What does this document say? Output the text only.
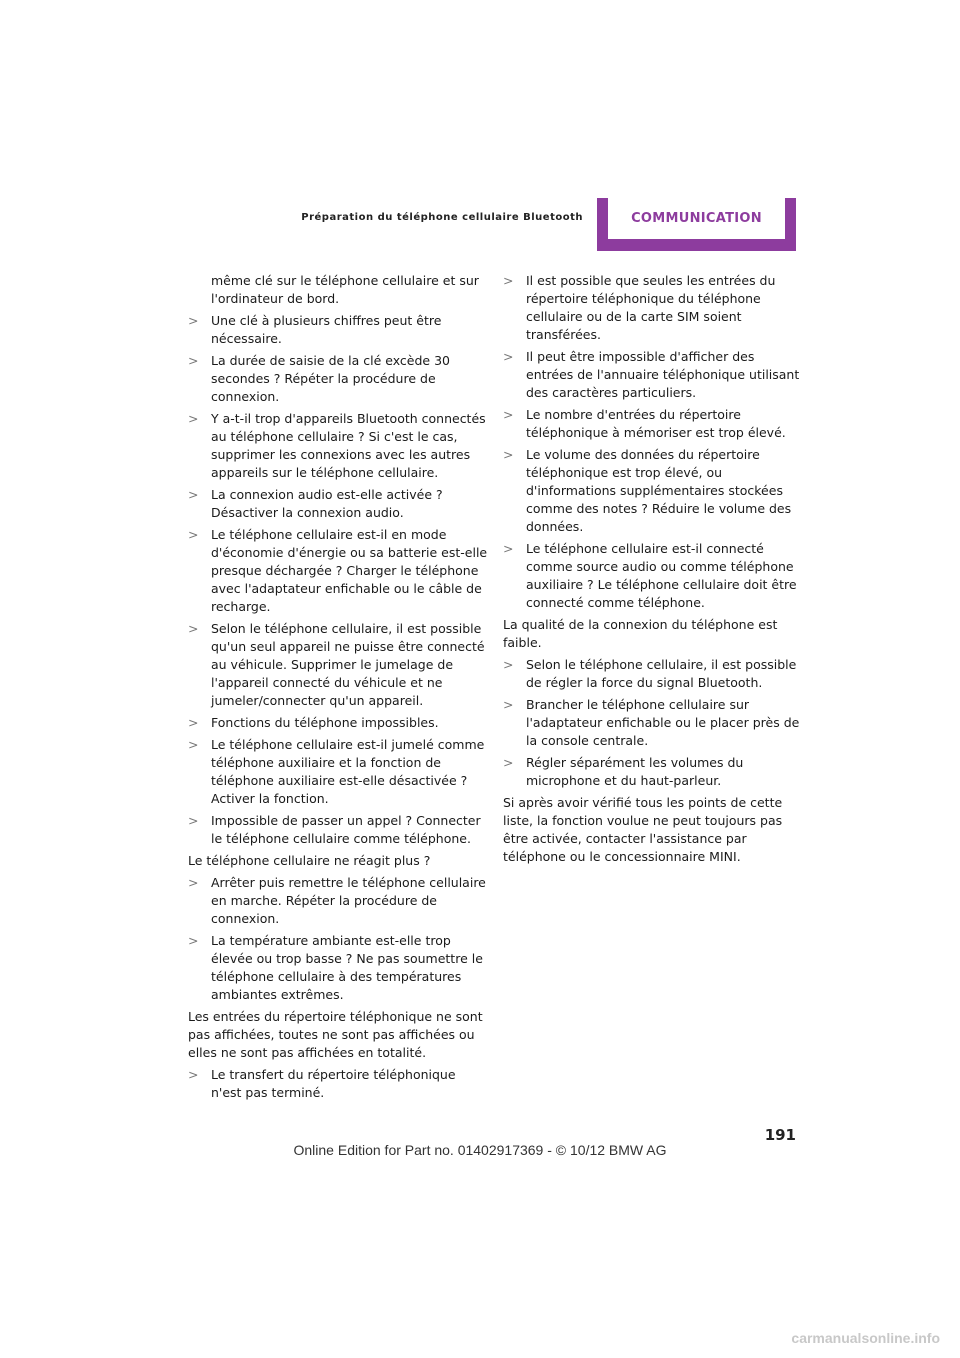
Préparation du téléphone cellulaire Bluetooth	COMMUNICATION

même clé sur le téléphone cellulaire et sur l'ordinateur de bord.

> Une clé à plusieurs chiffres peut être nécessaire.
> La durée de saisie de la clé excède 30 secondes ? Répéter la procédure de connexion.
> Y a-t-il trop d'appareils Bluetooth connectés au téléphone cellulaire ? Si c'est le cas, supprimer les connexions avec les autres appareils sur le téléphone cellulaire.
> La connexion audio est-elle activée ? Désactiver la connexion audio.
> Le téléphone cellulaire est-il en mode d'économie d'énergie ou sa batterie est-elle presque déchargée ? Charger le téléphone avec l'adaptateur enfichable ou le câble de recharge.
> Selon le téléphone cellulaire, il est possible qu'un seul appareil ne puisse être connecté au véhicule. Supprimer le jumelage de l'appareil connecté du véhicule et ne jumeler/connecter qu'un appareil.
> Fonctions du téléphone impossibles.
> Le téléphone cellulaire est-il jumelé comme téléphone auxiliaire et la fonction de téléphone auxiliaire est-elle désactivée ? Activer la fonction.
> Impossible de passer un appel ? Connecter le téléphone cellulaire comme téléphone.

Le téléphone cellulaire ne réagit plus ?

> Arrêter puis remettre le téléphone cellulaire en marche. Répéter la procédure de connexion.
> La température ambiante est-elle trop élevée ou trop basse ? Ne pas soumettre le téléphone cellulaire à des températures ambiantes extrêmes.

Les entrées du répertoire téléphonique ne sont pas affichées, toutes ne sont pas affichées ou elles ne sont pas affichées en totalité.

> Le transfert du répertoire téléphonique n'est pas terminé.
> Il est possible que seules les entrées du répertoire téléphonique du téléphone cellulaire ou de la carte SIM soient transférées.
> Il peut être impossible d'afficher des entrées de l'annuaire téléphonique utilisant des caractères particuliers.
> Le nombre d'entrées du répertoire téléphonique à mémoriser est trop élevé.
> Le volume des données du répertoire téléphonique est trop élevé, ou d'informations supplémentaires stockées comme des notes ? Réduire le volume des données.
> Le téléphone cellulaire est-il connecté comme source audio ou comme téléphone auxiliaire ? Le téléphone cellulaire doit être connecté comme téléphone.

La qualité de la connexion du téléphone est faible.

> Selon le téléphone cellulaire, il est possible de régler la force du signal Bluetooth.
> Brancher le téléphone cellulaire sur l'adaptateur enfichable ou le placer près de la console centrale.
> Régler séparément les volumes du microphone et du haut-parleur.

Si après avoir vérifié tous les points de cette liste, la fonction voulue ne peut toujours pas être activée, contacter l'assistance par téléphone ou le concessionnaire MINI.

191
Online Edition for Part no. 01402917369 - © 10/12 BMW AG
carmanualsonline.info
